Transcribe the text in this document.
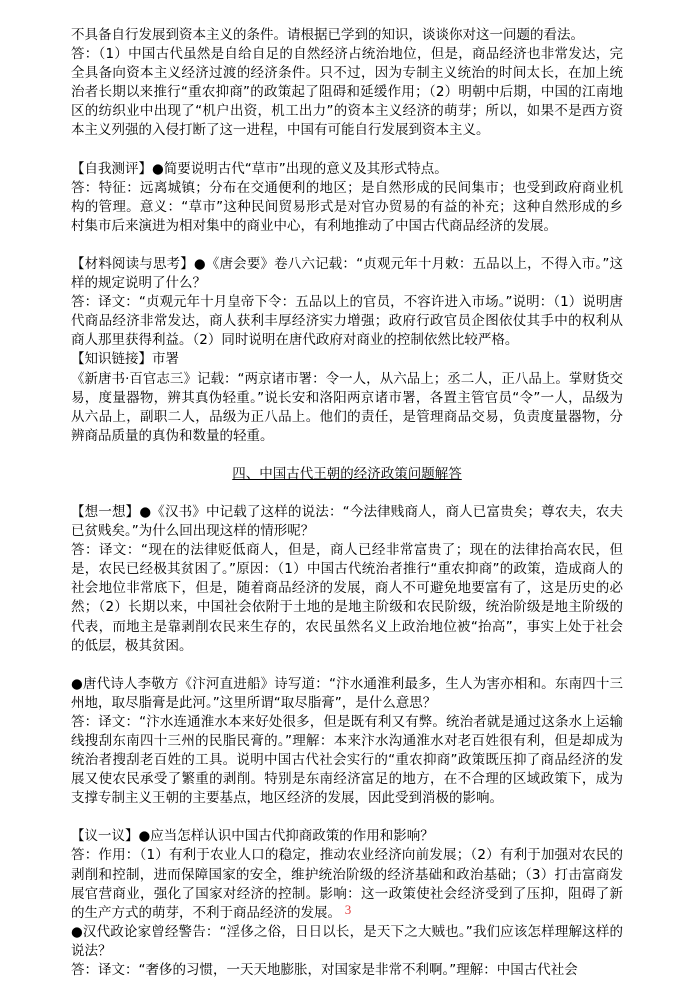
不具备自行发展到资本主义的条件。请根据已学到的知识，谈谈你对这一问题的看法。

答：（1）中国古代虽然是自给自足的自然经济占统治地位，但是，商品经济也非常发达，完全具备向资本主义经济过渡的经济条件。只不过，因为专制主义统治的时间太长，在加上统治者长期以来推行“重农抑商”的政策起了阻碍和延缓作用；（2）明朝中后期，中国的江南地区的纺织业中出现了“机户出资，机工出力”的资本主义经济的萌芽；所以，如果不是西方资本主义列强的入侵打断了这一进程，中国有可能自行发展到资本主义。

【自我测评】●简要说明古代“草市”出现的意义及其形式特点。

答：特征：远离城镇；分布在交通便利的地区；是自然形成的民间集市；也受到政府商业机构的管理。意义：“草市”这种民间贸易形式是对官办贸易的有益的补充；这种自然形成的乡村集市后来演进为相对集中的商业中心，有利地推动了中国古代商品经济的发展。

【材料阅读与思考】●《唐会要》卷八六记载：“贞观元年十月敕：五品以上，不得入市。”这样的规定说明了什么？

答：译文：“贞观元年十月皇帝下令：五品以上的官员，不容许进入市场。”说明：（1）说明唐代商品经济非常发达，商人获利丰厚经济实力增强；政府行政官员企图依仗其手中的权利从商人那里获得利益。（2）同时说明在唐代政府对商业的控制依然比较严格。

【知识链接】市署

《新唐书·百官志三》记载：“两京诸市署：令一人，从六品上；丞二人，正八品上。掌财货交易，度量器物，辨其真伪轻重。”说长安和洛阳两京诸市署，各置主管官员“令”一人，品级为从六品上，副职二人，品级为正八品上。他们的责任，是管理商品交易，负责度量器物，分辨商品质量的真伪和数量的轻重。

四、中国古代王朝的经济政策问题解答

【想一想】●《汉书》中记载了这样的说法：“今法律贱商人，商人已富贵矣；尊农夫，农夫已贫贱矣。”为什么回出现这样的情形呢？

答：译文：“现在的法律贬低商人，但是，商人已经非常富贵了；现在的法律抬高农民，但是，农民已经极其贫困了。”原因：（1）中国古代统治者推行“重农抑商”的政策，造成商人的社会地位非常底下，但是，随着商品经济的发展，商人不可避免地要富有了，这是历史的必然；（2）长期以来，中国社会依附于土地的是地主阶级和农民阶级，统治阶级是地主阶级的代表，而地主是靠剥削农民来生存的，农民虽然名义上政治地位被“抬高”，事实上处于社会的低层，极其贫困。

●唐代诗人李敬方《汴河直进船》诗写道：“汴水通淮利最多，生人为害亦相和。东南四十三州地，取尽脂膏是此河。”这里所谓“取尽脂膏”，是什么意思？

答：译文：“汴水连通淮水本来好处很多，但是既有利又有弊。统治者就是通过这条水上运输线搜刮东南四十三州的民脂民膏的。”理解：本来汴水沟通淮水对老百姓很有利，但是却成为统治者搜刮老百姓的工具。说明中国古代社会实行的“重农抑商”政策既压抑了商品经济的发展又使农民承受了繁重的剥削。特别是东南经济富足的地方，在不合理的区域政策下，成为支撑专制主义王朝的主要基点，地区经济的发展，因此受到消极的影响。

【议一议】●应当怎样认识中国古代抑商政策的作用和影响？

答：作用：（1）有利于农业人口的稳定，推动农业经济向前发展；（2）有利于加强对农民的剥削和控制，进而保障国家的安全，维护统治阶级的经济基础和政治基础；（3）打击富商发展官营商业，强化了国家对经济的控制。影响：这一政策使社会经济受到了压抑，阻碍了新的生产方式的萌芽，不利于商品经济的发展。

●汉代政论家曾经警告：“淫侈之俗，日日以长，是天下之大贼也。”我们应该怎样理解这样的说法？

答：译文：“奢侈的习惯，一天天地膨胀，对国家是非常不利啊。”理解：中国古代社会

3
